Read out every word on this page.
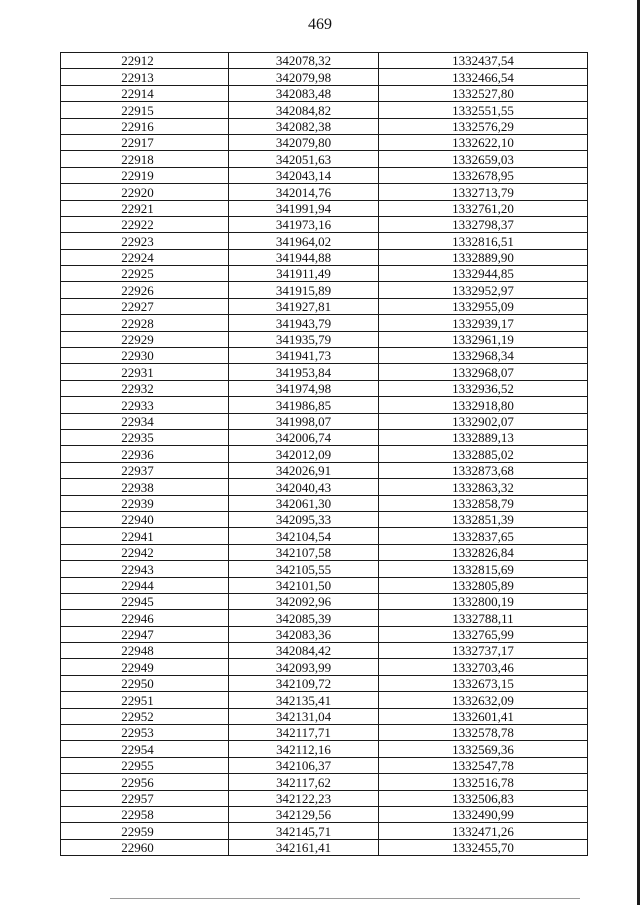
469
22912	342078,32	1332437,54
22913	342079,98	1332466,54
22914	342083,48	1332527,80
22915	342084,82	1332551,55
22916	342082,38	1332576,29
22917	342079,80	1332622,10
22918	342051,63	1332659,03
22919	342043,14	1332678,95
22920	342014,76	1332713,79
22921	341991,94	1332761,20
22922	341973,16	1332798,37
22923	341964,02	1332816,51
22924	341944,88	1332889,90
22925	341911,49	1332944,85
22926	341915,89	1332952,97
22927	341927,81	1332955,09
22928	341943,79	1332939,17
22929	341935,79	1332961,19
22930	341941,73	1332968,34
22931	341953,84	1332968,07
22932	341974,98	1332936,52
22933	341986,85	1332918,80
22934	341998,07	1332902,07
22935	342006,74	1332889,13
22936	342012,09	1332885,02
22937	342026,91	1332873,68
22938	342040,43	1332863,32
22939	342061,30	1332858,79
22940	342095,33	1332851,39
22941	342104,54	1332837,65
22942	342107,58	1332826,84
22943	342105,55	1332815,69
22944	342101,50	1332805,89
22945	342092,96	1332800,19
22946	342085,39	1332788,11
22947	342083,36	1332765,99
22948	342084,42	1332737,17
22949	342093,99	1332703,46
22950	342109,72	1332673,15
22951	342135,41	1332632,09
22952	342131,04	1332601,41
22953	342117,71	1332578,78
22954	342112,16	1332569,36
22955	342106,37	1332547,78
22956	342117,62	1332516,78
22957	342122,23	1332506,83
22958	342129,56	1332490,99
22959	342145,71	1332471,26
22960	342161,41	1332455,70
